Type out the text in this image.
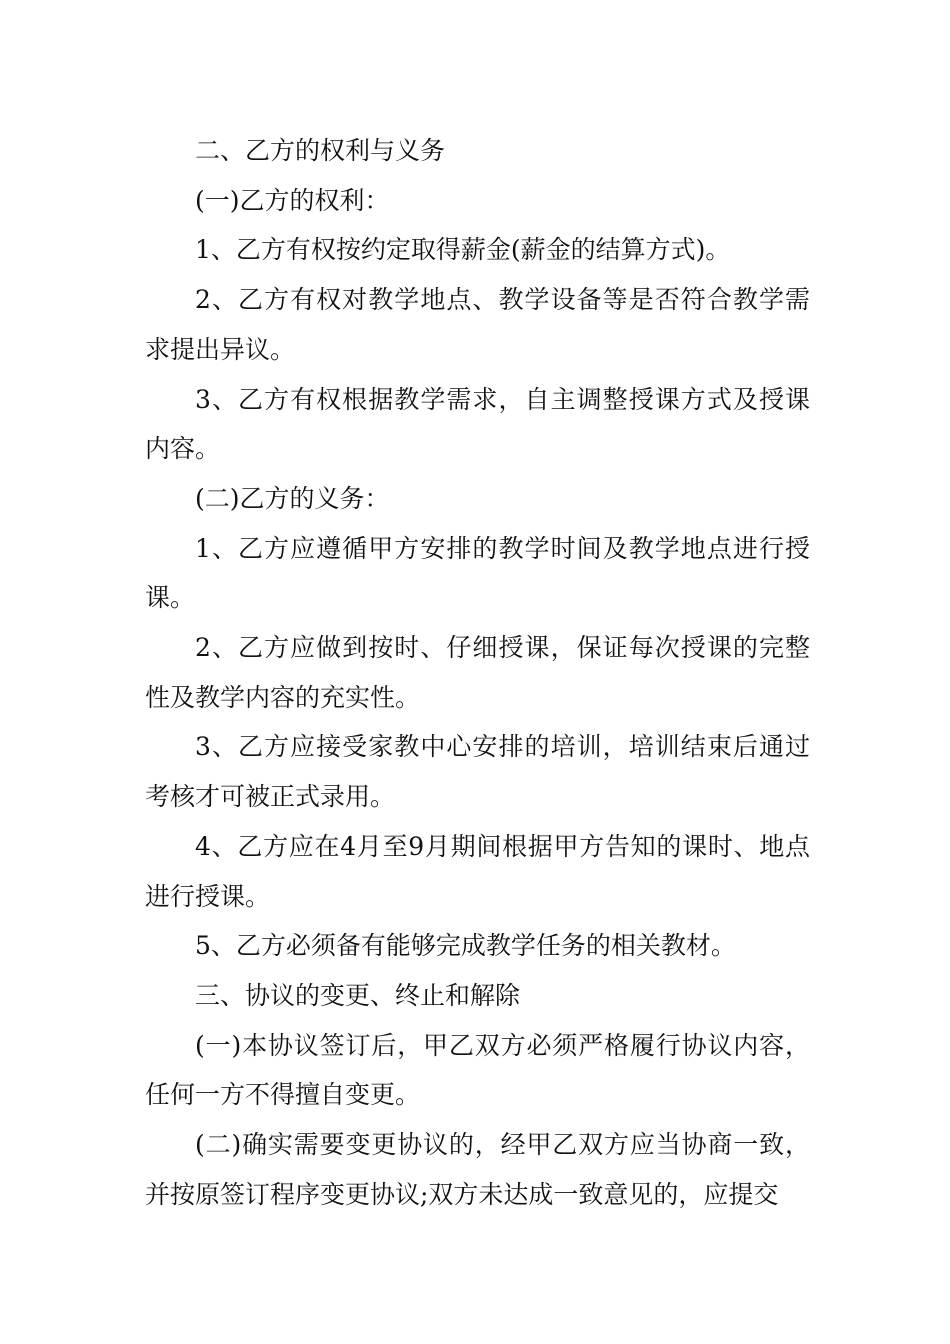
二、乙方的权利与义务

(一)乙方的权利：

1、乙方有权按约定取得薪金(薪金的结算方式)。

2、乙方有权对教学地点、教学设备等是否符合教学需求提出异议。

3、乙方有权根据教学需求，自主调整授课方式及授课内容。

(二)乙方的义务：

1、乙方应遵循甲方安排的教学时间及教学地点进行授课。

2、乙方应做到按时、仔细授课，保证每次授课的完整性及教学内容的充实性。

3、乙方应接受家教中心安排的培训，培训结束后通过考核才可被正式录用。

4、乙方应在4月至9月期间根据甲方告知的课时、地点进行授课。

5、乙方必须备有能够完成教学任务的相关教材。

三、协议的变更、终止和解除

(一)本协议签订后，甲乙双方必须严格履行协议内容，任何一方不得擅自变更。

(二)确实需要变更协议的，经甲乙双方应当协商一致，并按原签订程序变更协议;双方未达成一致意见的，应提交
